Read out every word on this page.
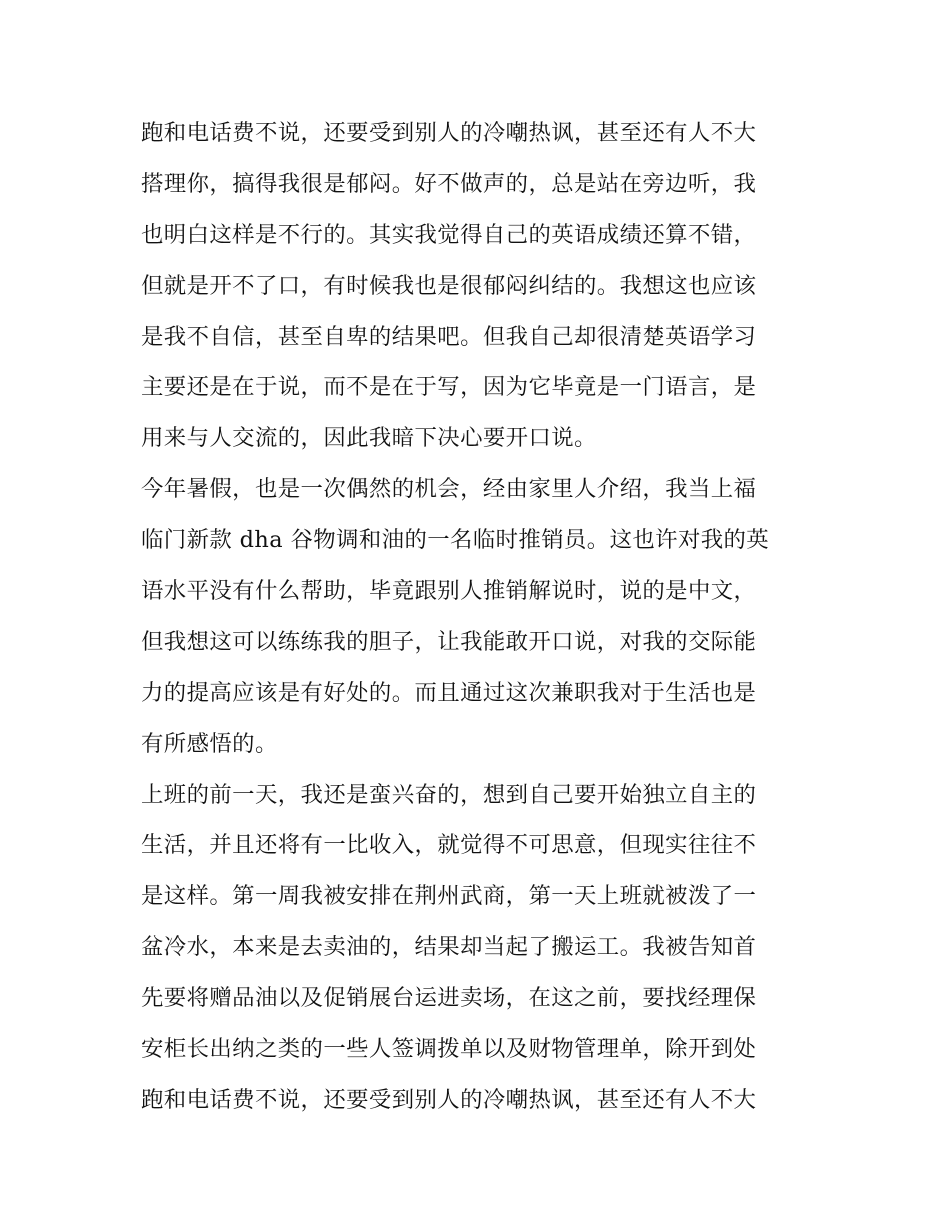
跑和电话费不说，还要受到别人的冷嘲热讽，甚至还有人不大
搭理你，搞得我很是郁闷。好不做声的，总是站在旁边听，我
也明白这样是不行的。其实我觉得自己的英语成绩还算不错，
但就是开不了口，有时候我也是很郁闷纠结的。我想这也应该
是我不自信，甚至自卑的结果吧。但我自己却很清楚英语学习
主要还是在于说，而不是在于写，因为它毕竟是一门语言，是
用来与人交流的，因此我暗下决心要开口说。
今年暑假，也是一次偶然的机会，经由家里人介绍，我当上福
临门新款 dha 谷物调和油的一名临时推销员。这也许对我的英
语水平没有什么帮助，毕竟跟别人推销解说时，说的是中文，
但我想这可以练练我的胆子，让我能敢开口说，对我的交际能
力的提高应该是有好处的。而且通过这次兼职我对于生活也是
有所感悟的。
上班的前一天，我还是蛮兴奋的，想到自己要开始独立自主的
生活，并且还将有一比收入，就觉得不可思意，但现实往往不
是这样。第一周我被安排在荆州武商，第一天上班就被泼了一
盆冷水，本来是去卖油的，结果却当起了搬运工。我被告知首
先要将赠品油以及促销展台运进卖场，在这之前，要找经理保
安柜长出纳之类的一些人签调拨单以及财物管理单，除开到处
跑和电话费不说，还要受到别人的冷嘲热讽，甚至还有人不大
